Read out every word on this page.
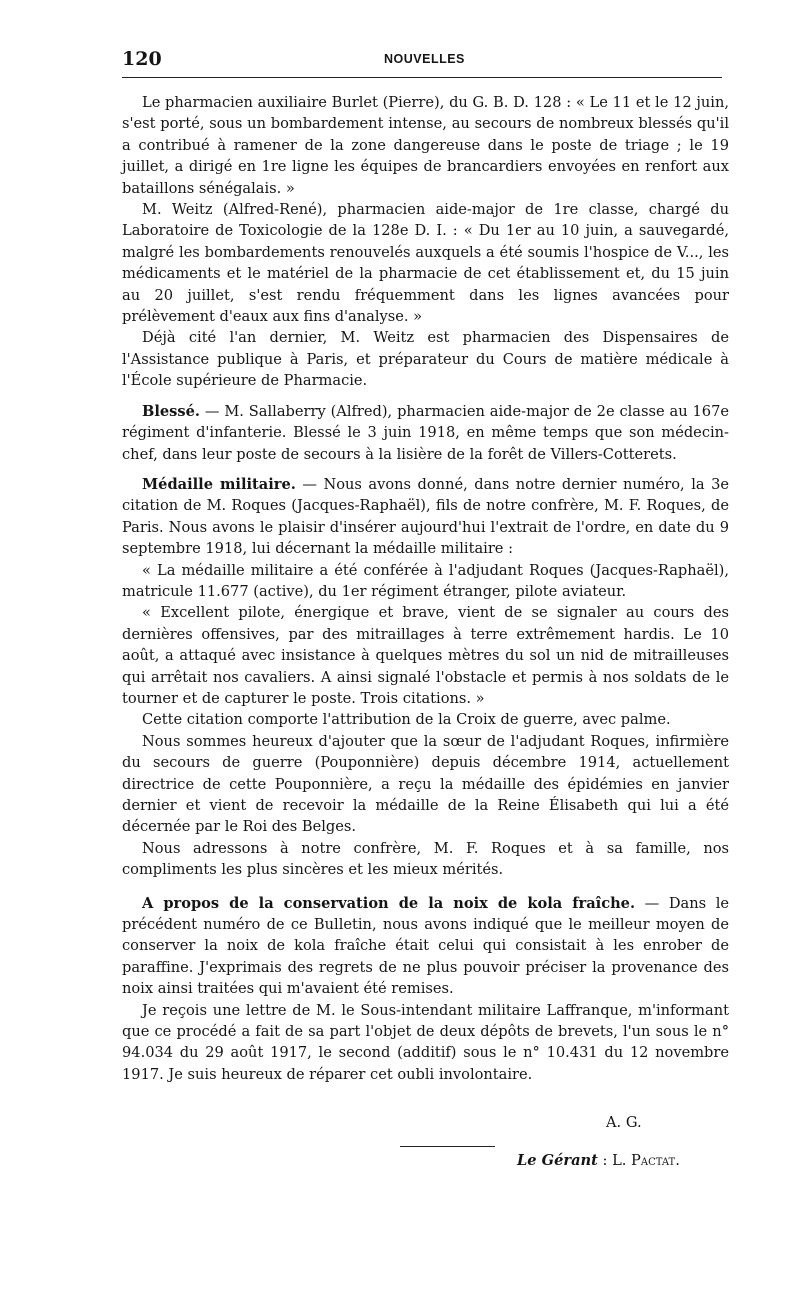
120	NOUVELLES

Le pharmacien auxiliaire Burlet (Pierre), du G. B. D. 128 : « Le 11 et le 12 juin, s'est porté, sous un bombardement intense, au secours de nombreux blessés qu'il a contribué à ramener de la zone dangereuse dans le poste de triage ; le 19 juillet, a dirigé en 1re ligne les équipes de brancardiers envoyées en renfort aux bataillons sénégalais. »

M. Weitz (Alfred-René), pharmacien aide-major de 1re classe, chargé du Laboratoire de Toxicologie de la 128e D. I. : « Du 1er au 10 juin, a sauvegardé, malgré les bombardements renouvelés auxquels a été soumis l'hospice de V..., les médicaments et le matériel de la pharmacie de cet établissement et, du 15 juin au 20 juillet, s'est rendu fréquemment dans les lignes avancées pour prélèvement d'eaux aux fins d'analyse. »

Déjà cité l'an dernier, M. Weitz est pharmacien des Dispensaires de l'Assistance publique à Paris, et préparateur du Cours de matière médicale à l'École supérieure de Pharmacie.

Blessé. — M. Sallaberry (Alfred), pharmacien aide-major de 2e classe au 167e régiment d'infanterie. Blessé le 3 juin 1918, en même temps que son médecin-chef, dans leur poste de secours à la lisière de la forêt de Villers-Cotterets.

Médaille militaire. — Nous avons donné, dans notre dernier numéro, la 3e citation de M. Roques (Jacques-Raphaël), fils de notre confrère, M. F. Roques, de Paris. Nous avons le plaisir d'insérer aujourd'hui l'extrait de l'ordre, en date du 9 septembre 1918, lui décernant la médaille militaire :

« La médaille militaire a été conférée à l'adjudant Roques (Jacques-Raphaël), matricule 11.677 (active), du 1er régiment étranger, pilote aviateur.

« Excellent pilote, énergique et brave, vient de se signaler au cours des dernières offensives, par des mitraillages à terre extrêmement hardis. Le 10 août, a attaqué avec insistance à quelques mètres du sol un nid de mitrailleuses qui arrêtait nos cavaliers. A ainsi signalé l'obstacle et permis à nos soldats de le tourner et de capturer le poste. Trois citations. »

Cette citation comporte l'attribution de la Croix de guerre, avec palme.

Nous sommes heureux d'ajouter que la sœur de l'adjudant Roques, infirmière du secours de guerre (Pouponnière) depuis décembre 1914, actuellement directrice de cette Pouponnière, a reçu la médaille des épidémies en janvier dernier et vient de recevoir la médaille de la Reine Élisabeth qui lui a été décernée par le Roi des Belges.

Nous adressons à notre confrère, M. F. Roques et à sa famille, nos compliments les plus sincères et les mieux mérités.

A propos de la conservation de la noix de kola fraîche. — Dans le précédent numéro de ce Bulletin, nous avons indiqué que le meilleur moyen de conserver la noix de kola fraîche était celui qui consistait à les enrober de paraffine. J'exprimais des regrets de ne plus pouvoir préciser la provenance des noix ainsi traitées qui m'avaient été remises.

Je reçois une lettre de M. le Sous-intendant militaire Laffranque, m'informant que ce procédé a fait de sa part l'objet de deux dépôts de brevets, l'un sous le n° 94.034 du 29 août 1917, le second (additif) sous le n° 10.431 du 12 novembre 1917. Je suis heureux de réparer cet oubli involontaire.

A. G.
Le Gérant : L. Pactat.
